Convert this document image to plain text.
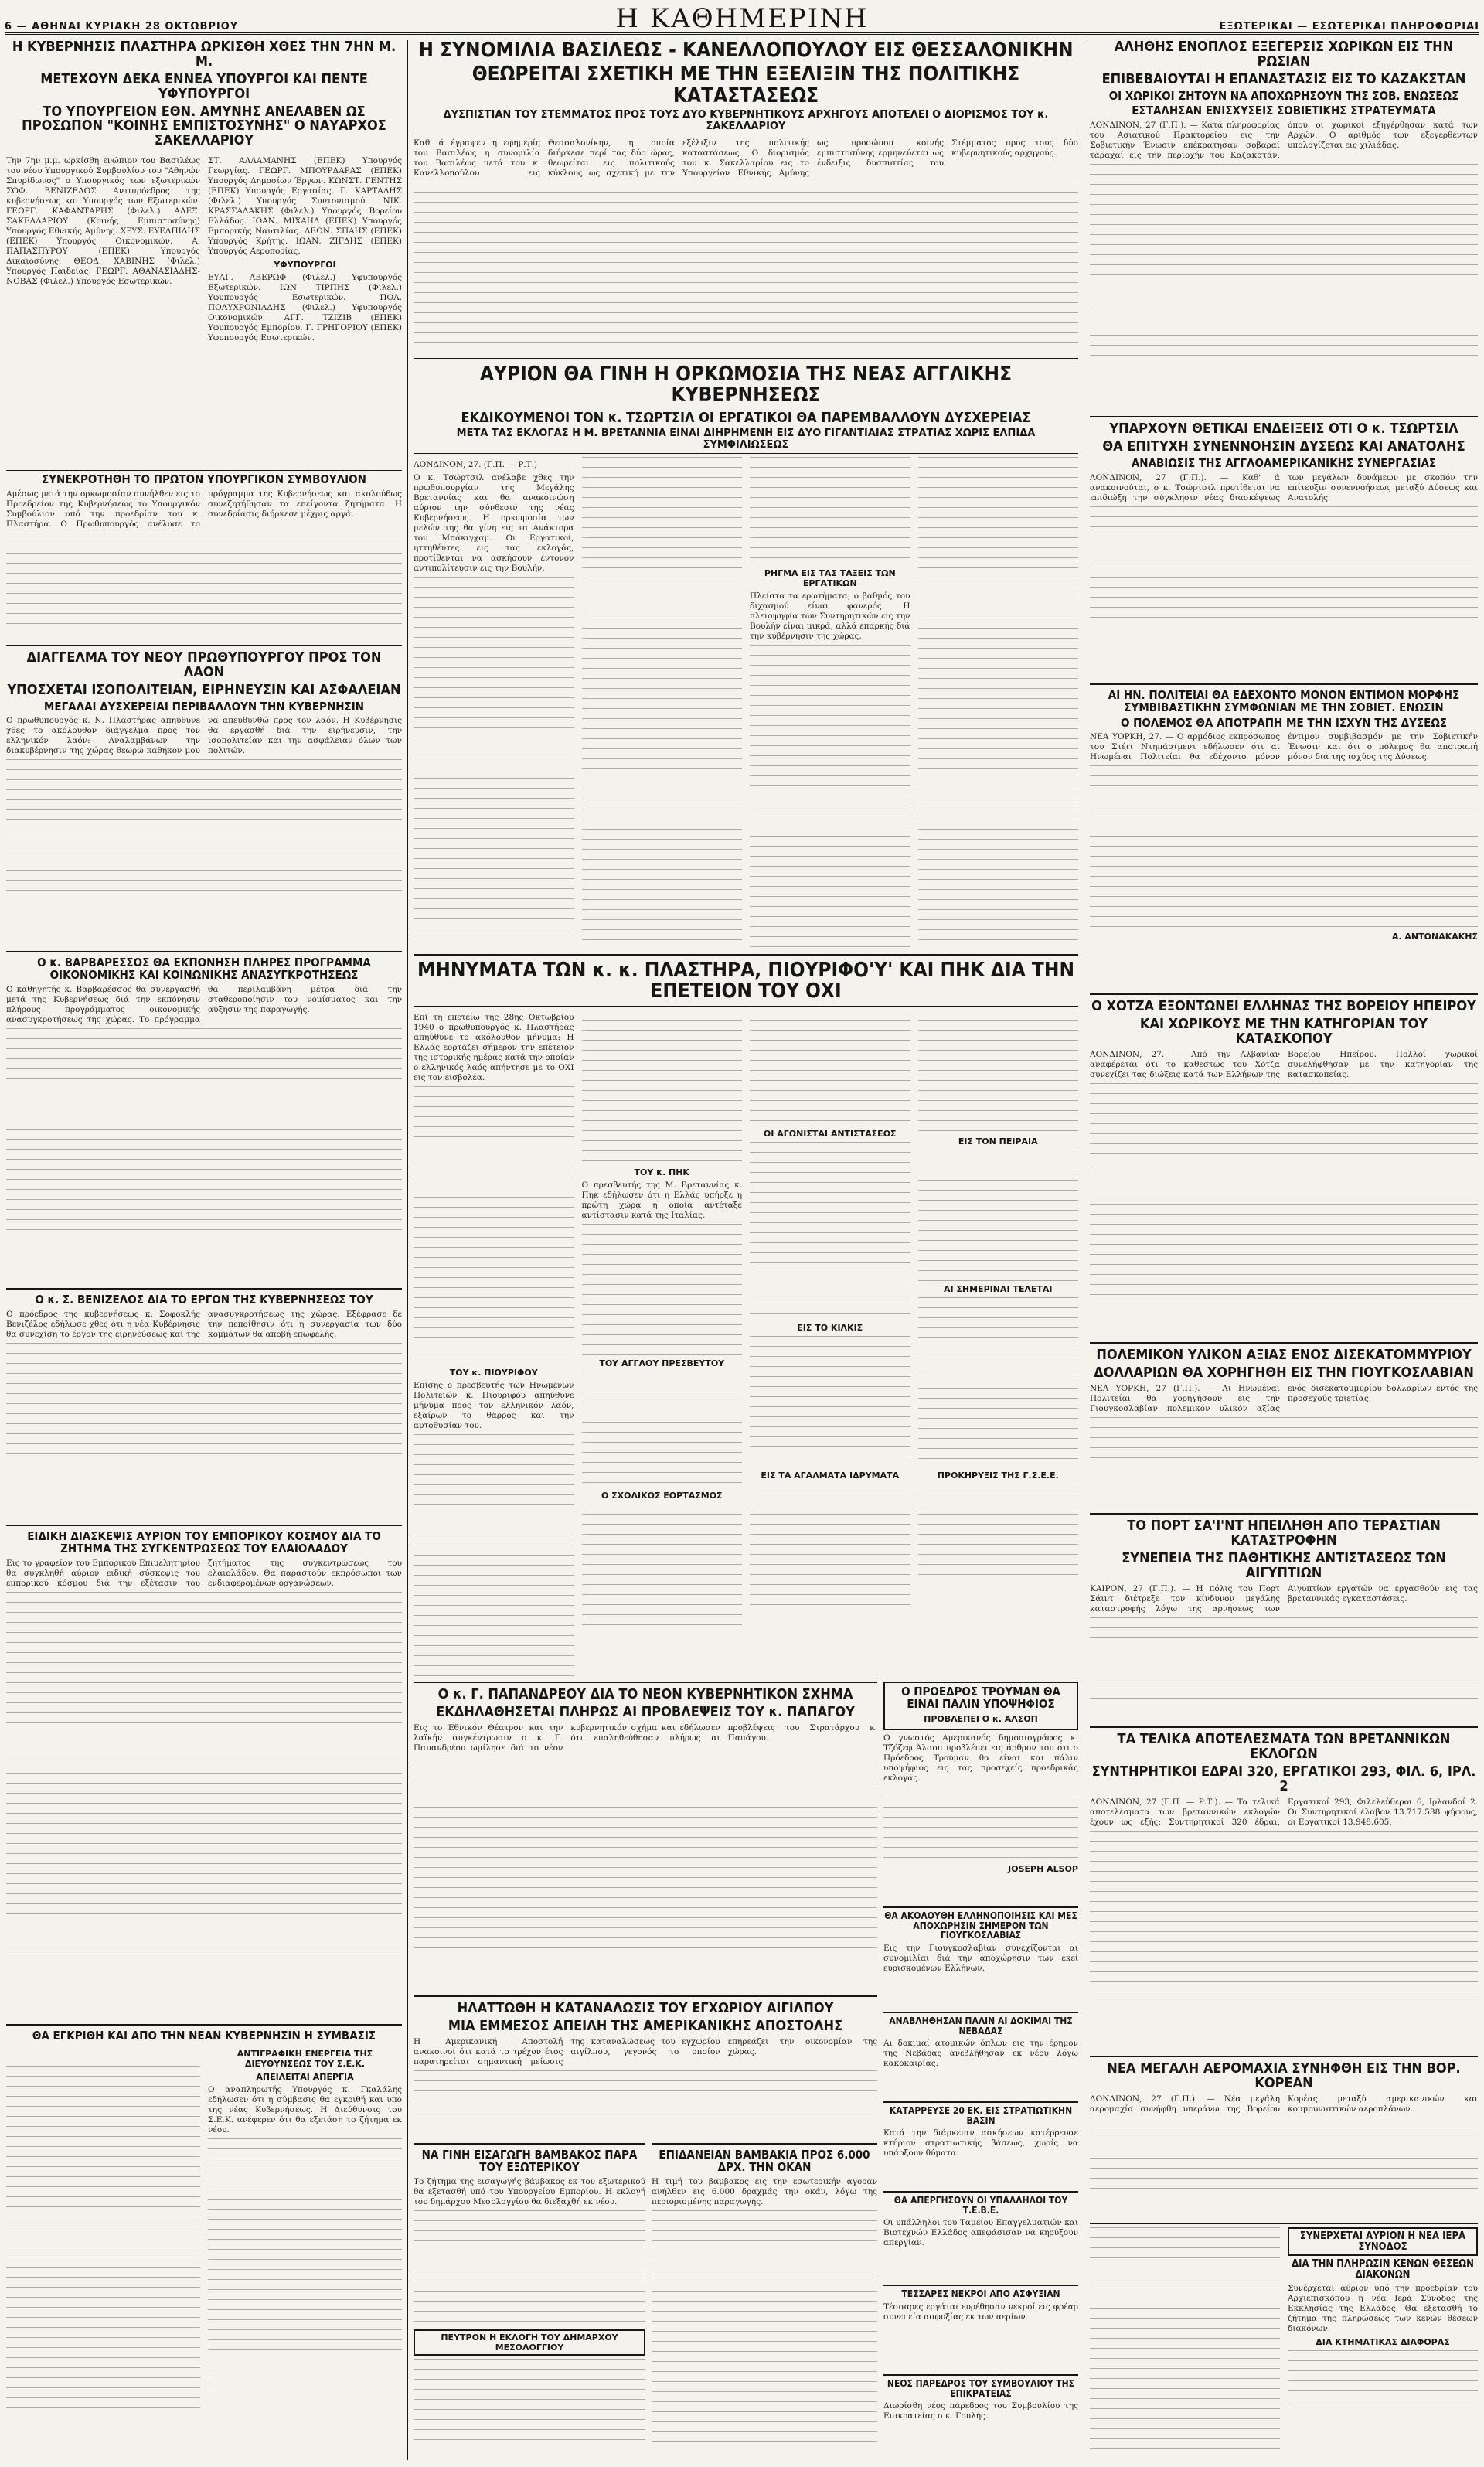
6 — ΑΘΗΝΑΙ ΚΥΡΙΑΚΗ 28 ΟΚΤΩΒΡΙΟΥ	Η ΚΑΘΗΜΕΡΙΝΗ	ΕΞΩΤΕΡΙΚΑΙ — ΕΣΩΤΕΡΙΚΑΙ ΠΛΗΡΟΦΟΡΙΑΙ
Η ΚΥΒΕΡΝΗΣΙΣ ΠΛΑΣΤΗΡΑ ΩΡΚΙΣΘΗ ΧΘΕΣ ΤΗΝ 7ΗΝ Μ. Μ.
ΜΕΤΕΧΟΥΝ ΔΕΚΑ ΕΝΝΕΑ ΥΠΟΥΡΓΟΙ ΚΑΙ ΠΕΝΤΕ ΥΦΥΠΟΥΡΓΟΙ
ΤΟ ΥΠΟΥΡΓΕΙΟΝ ΕΘΝ. ΑΜΥΝΗΣ ΑΝΕΛΑΒΕΝ ΩΣ ΠΡΟΣΩΠΟΝ "ΚΟΙΝΗΣ ΕΜΠΙΣΤΟΣΥΝΗΣ" Ο ΝΑΥΑΡΧΟΣ ΣΑΚΕΛΛΑΡΙΟΥ
Την 7ην μ.μ. ωρκίσθη ενώπιον του Βασιλέως του νέου Υπουργικού Συμβουλίου του "Αθηνών Σπυρίδωνος" ο Υπουργικός των εξωτερικών ΣΟΦ. ΒΕΝΙΖΕΛΟΣ Αντιπρόεδρος της κυβερνήσεως και Υπουργός των Εξωτερικών. ΓΕΩΡΓ. ΚΑΦΑΝΤΑΡΗΣ (Φιλελ.) ΑΛΕΞ. ΣΑΚΕΛΛΑΡΙΟΥ (Κοινής Εμπιστοσύνης) Υπουργός Εθνικής Αμύνης. ΧΡΥΣ. ΕΥΕΛΠΙΔΗΣ (ΕΠΕΚ) Υπουργός Οικονομικών. Α. ΠΑΠΑΣΠΥΡΟΥ (ΕΠΕΚ) Υπουργός Δικαιοσύνης. ΘΕΟΔ. ΧΑΒΙΝΗΣ (Φιλελ.) Υπουργός Παιδείας. ΓΕΩΡΓ. ΑΘΑΝΑΣΙΑΔΗΣ-ΝΟΒΑΣ (Φιλελ.) Υπουργός Εσωτερικών.
ΣΤ. ΑΛΛΑΜΑΝΗΣ (ΕΠΕΚ) Υπουργός Γεωργίας. ΓΕΩΡΓ. ΜΠΟΥΡΔΑΡΑΣ (ΕΠΕΚ) Υπουργός Δημοσίων Έργων. ΚΩΝΣΤ. ΓΕΝΤΗΣ (ΕΠΕΚ) Υπουργός Εργασίας. Γ. ΚΑΡΤΑΛΗΣ (Φιλελ.) Υπουργός Συντονισμού. ΝΙΚ. ΚΡΑΣΣΑΔΑΚΗΣ (Φιλελ.) Υπουργός Βορείου Ελλάδος. ΙΩΑΝ. ΜΙΧΑΗΛ (ΕΠΕΚ) Υπουργός Εμπορικής Ναυτιλίας. ΛΕΩΝ. ΣΠΑΗΣ (ΕΠΕΚ) Υπουργός Κρήτης. ΙΩΑΝ. ΖΙΓΔΗΣ (ΕΠΕΚ) Υπουργός Αεροπορίας.
ΥΦΥΠΟΥΡΓΟΙ
ΕΥΑΓ. ΑΒΕΡΩΦ (Φιλελ.) Υφυπουργός Εξωτερικών. ΙΩΝ ΤΙΡΠΗΣ (Φιλελ.) Υφυπουργός Εσωτερικών. ΠΟΛ. ΠΟΛΥΧΡΟΝΙΑΔΗΣ (Φιλελ.) Υφυπουργός Οικονομικών. ΑΓΓ. ΤΖΙΖΙΒ (ΕΠΕΚ) Υφυπουργός Εμπορίου. Γ. ΓΡΗΓΟΡΙΟΥ (ΕΠΕΚ) Υφυπουργός Εσωτερικών.
ΣΥΝΕΚΡΟΤΗΘΗ ΤΟ ΠΡΩΤΟΝ ΥΠΟΥΡΓΙΚΟΝ ΣΥΜΒΟΥΛΙΟΝ
Αμέσως μετά την ορκωμοσίαν συνήλθεν εις το Προεδρείον της Κυβερνήσεως το Υπουργικόν Συμβούλιον υπό την προεδρίαν του κ. Πλαστήρα. Ο Πρωθυπουργός ανέλυσε το πρόγραμμα της Κυβερνήσεως και ακολούθως συνεζητήθησαν τα επείγοντα ζητήματα. Η συνεδρίασις διήρκεσε μέχρις αργά.
ΔΙΑΓΓΕΛΜΑ ΤΟΥ ΝΕΟΥ ΠΡΩΘΥΠΟΥΡΓΟΥ ΠΡΟΣ ΤΟΝ ΛΑΟΝ
ΥΠΟΣΧΕΤΑΙ ΙΣΟΠΟΛΙΤΕΙΑΝ, ΕΙΡΗΝΕΥΣΙΝ ΚΑΙ ΑΣΦΑΛΕΙΑΝ
ΜΕΓΑΛΑΙ ΔΥΣΧΕΡΕΙΑΙ ΠΕΡΙΒΑΛΛΟΥΝ ΤΗΝ ΚΥΒΕΡΝΗΣΙΝ
Ο πρωθυπουργός κ. Ν. Πλαστήρας απηύθυνε χθες το ακόλουθον διάγγελμα προς τον ελληνικόν λαόν: Αναλαμβάνων την διακυβέρνησιν της χώρας θεωρώ καθήκον μου να απευθυνθώ προς τον λαόν. Η Κυβέρνησις θα εργασθή διά την ειρήνευσιν, την ισοπολιτείαν και την ασφάλειαν όλων των πολιτών.
Ο κ. ΒΑΡΒΑΡΕΣΣΟΣ ΘΑ ΕΚΠΟΝΗΣΗ ΠΛΗΡΕΣ ΠΡΟΓΡΑΜΜΑ ΟΙΚΟΝΟΜΙΚΗΣ ΚΑΙ ΚΟΙΝΩΝΙΚΗΣ ΑΝΑΣΥΓΚΡΟΤΗΣΕΩΣ
Ο καθηγητής κ. Βαρβαρέσσος θα συνεργασθή μετά της Κυβερνήσεως διά την εκπόνησιν πλήρους προγράμματος οικονομικής ανασυγκροτήσεως της χώρας. Το πρόγραμμα θα περιλαμβάνη μέτρα διά την σταθεροποίησιν του νομίσματος και την αύξησιν της παραγωγής.
Ο κ. Σ. ΒΕΝΙΖΕΛΟΣ ΔΙΑ ΤΟ ΕΡΓΟΝ ΤΗΣ ΚΥΒΕΡΝΗΣΕΩΣ ΤΟΥ
Ο πρόεδρος της κυβερνήσεως κ. Σοφοκλής Βενιζέλος εδήλωσε χθες ότι η νέα Κυβέρνησις θα συνεχίση το έργον της ειρηνεύσεως και της ανασυγκροτήσεως της χώρας. Εξέφρασε δε την πεποίθησιν ότι η συνεργασία των δύο κομμάτων θα αποβή επωφελής.
ΕΙΔΙΚΗ ΔΙΑΣΚΕΨΙΣ ΑΥΡΙΟΝ ΤΟΥ ΕΜΠΟΡΙΚΟΥ ΚΟΣΜΟΥ ΔΙΑ ΤΟ ΖΗΤΗΜΑ ΤΗΣ ΣΥΓΚΕΝΤΡΩΣΕΩΣ ΤΟΥ ΕΛΑΙΟΛΑΔΟΥ
Εις το γραφείον του Εμπορικού Επιμελητηρίου θα συγκληθή αύριον ειδική σύσκεψις του εμπορικού κόσμου διά την εξέτασιν του ζητήματος της συγκεντρώσεως του ελαιολάδου. Θα παραστούν εκπρόσωποι των ενδιαφερομένων οργανώσεων.
ΘΑ ΕΓΚΡΙΘΗ ΚΑΙ ΑΠΟ ΤΗΝ ΝΕΑΝ ΚΥΒΕΡΝΗΣΙΝ Η ΣΥΜΒΑΣΙΣ
ΑΝΤΙΓΡΑΦΙΚΗ ΕΝΕΡΓΕΙΑ ΤΗΣ ΔΙΕΥΘΥΝΣΕΩΣ ΤΟΥ Σ.Ε.Κ.
ΑΠΕΙΛΕΙΤΑΙ ΑΠΕΡΓΙΑ
Ο αναπληρωτής Υπουργός κ. Γκαλάλης εδήλωσεν ότι η σύμβασις θα εγκριθή και υπό της νέας Κυβερνήσεως. Η Διεύθυνσις του Σ.Ε.Κ. ανέφερεν ότι θα εξετάση το ζήτημα εκ νέου.
Η ΣΥΝΟΜΙΛΙΑ ΒΑΣΙΛΕΩΣ - ΚΑΝΕΛΛΟΠΟΥΛΟΥ ΕΙΣ ΘΕΣΣΑΛΟΝΙΚΗΝ
ΘΕΩΡΕΙΤΑΙ ΣΧΕΤΙΚΗ ΜΕ ΤΗΝ ΕΞΕΛΙΞΙΝ ΤΗΣ ΠΟΛΙΤΙΚΗΣ ΚΑΤΑΣΤΑΣΕΩΣ
ΔΥΣΠΙΣΤΙΑΝ ΤΟΥ ΣΤΕΜΜΑΤΟΣ ΠΡΟΣ ΤΟΥΣ ΔΥΟ ΚΥΒΕΡΝΗΤΙΚΟΥΣ ΑΡΧΗΓΟΥΣ ΑΠΟΤΕΛΕΙ Ο ΔΙΟΡΙΣΜΟΣ ΤΟΥ κ. ΣΑΚΕΛΛΑΡΙΟΥ
Καθ' ά έγραψεν η εφημερίς του Βασιλέως η συνομιλία του Βασιλέως μετά του κ. Κανελλοπούλου εις Θεσσαλονίκην, η οποία διήρκεσε περί τας δύο ώρας, θεωρείται εις πολιτικούς κύκλους ως σχετική με την εξέλιξιν της πολιτικής καταστάσεως. Ο διορισμός του κ. Σακελλαρίου εις το Υπουργείον Εθνικής Αμύνης ως προσώπου κοινής εμπιστοσύνης ερμηνεύεται ως ένδειξις δυσπιστίας του Στέμματος προς τους δύο κυβερνητικούς αρχηγούς.
ΑΥΡΙΟΝ ΘΑ ΓΙΝΗ Η ΟΡΚΩΜΟΣΙΑ ΤΗΣ ΝΕΑΣ ΑΓΓΛΙΚΗΣ ΚΥΒΕΡΝΗΣΕΩΣ
ΕΚΔΙΚΟΥΜΕΝΟΙ ΤΟΝ κ. ΤΣΩΡΤΣΙΛ ΟΙ ΕΡΓΑΤΙΚΟΙ ΘΑ ΠΑΡΕΜΒΑΛΛΟΥΝ ΔΥΣΧΕΡΕΙΑΣ
ΜΕΤΑ ΤΑΣ ΕΚΛΟΓΑΣ Η Μ. ΒΡΕΤΑΝΝΙΑ ΕΙΝΑΙ ΔΙΗΡΗΜΕΝΗ ΕΙΣ ΔΥΟ ΓΙΓΑΝΤΙΑΙΑΣ ΣΤΡΑΤΙΑΣ ΧΩΡΙΣ ΕΛΠΙΔΑ ΣΥΜΦΙΛΙΩΣΕΩΣ
ΛΟΝΔΙΝΟΝ, 27. (Γ.Π. — Ρ.Τ.)
Ο κ. Τσώρτσιλ ανέλαβε χθες την πρωθυπουργίαν της Μεγάλης Βρεταννίας και θα ανακοινώση αύριον την σύνθεσιν της νέας Κυβερνήσεως. Η ορκωμοσία των μελών της θα γίνη εις τα Ανάκτορα του Μπάκιγχαμ. Οι Εργατικοί, ηττηθέντες εις τας εκλογάς, προτίθενται να ασκήσουν έντονον αντιπολίτευσιν εις την Βουλήν.	ΡΗΓΜΑ ΕΙΣ ΤΑΣ ΤΑΞΕΙΣ ΤΩΝ ΕΡΓΑΤΙΚΩΝ
Πλείστα τα ερωτήματα, ο βαθμός του διχασμού είναι φανερός. Η πλειοψηφία των Συντηρητικών εις την Βουλήν είναι μικρά, αλλά επαρκής διά την κυβέρνησιν της χώρας.
ΜΗΝΥΜΑΤΑ ΤΩΝ κ. κ. ΠΛΑΣΤΗΡΑ, ΠΙΟΥΡΙΦΟ'Υ' ΚΑΙ ΠΗΚ ΔΙΑ ΤΗΝ ΕΠΕΤΕΙΟΝ ΤΟΥ ΟΧΙ
Επί τη επετείω της 28ης Οκτωβρίου 1940 ο πρωθυπουργός κ. Πλαστήρας απηύθυνε το ακόλουθον μήνυμα: Η Ελλάς εορτάζει σήμερον την επέτειον της ιστορικής ημέρας κατά την οποίαν ο ελληνικός λαός απήντησε με το ΟΧΙ εις τον εισβολέα.
ΤΟΥ κ. ΠΙΟΥΡΙΦΟΥ
Επίσης ο πρεσβευτής των Ηνωμένων Πολιτειών κ. Πιουριφόυ απηύθυνε μήνυμα προς τον ελληνικόν λαόν, εξαίρων το θάρρος και την αυτοθυσίαν του.
ΤΟΥ κ. ΠΗΚ
Ο πρεσβευτής της Μ. Βρεταννίας κ. Πηκ εδήλωσεν ότι η Ελλάς υπήρξε η πρώτη χώρα η οποία αντέταξε αντίστασιν κατά της Ιταλίας.
ΤΟΥ ΑΓΓΛΟΥ ΠΡΕΣΒΕΥΤΟΥ
Ο ΣΧΟΛΙΚΟΣ ΕΟΡΤΑΣΜΟΣ
ΟΙ ΑΓΩΝΙΣΤΑΙ ΑΝΤΙΣΤΑΣΕΩΣ
ΕΙΣ ΤΟ ΚΙΛΚΙΣ
ΕΙΣ ΤΑ ΑΓΑΛΜΑΤΑ ΙΔΡΥΜΑΤΑ
ΕΙΣ ΤΟΝ ΠΕΙΡΑΙΑ
ΑΙ ΣΗΜΕΡΙΝΑΙ ΤΕΛΕΤΑΙ
ΠΡΟΚΗΡΥΞΙΣ ΤΗΣ Γ.Σ.Ε.Ε.
Ο κ. Γ. ΠΑΠΑΝΔΡΕΟΥ ΔΙΑ ΤΟ ΝΕΟΝ ΚΥΒΕΡΝΗΤΙΚΟΝ ΣΧΗΜΑ
ΕΚΔΗΛΑΘΗΣΕΤΑΙ ΠΛΗΡΩΣ ΑΙ ΠΡΟΒΛΕΨΕΙΣ ΤΟΥ κ. ΠΑΠΑΓΟΥ
Εις το Εθνικόν Θέατρον και την λαϊκήν συγκέντρωσιν ο κ. Γ. Παπανδρέου ωμίλησε διά το νέον κυβερνητικόν σχήμα και εδήλωσεν ότι επαληθεύθησαν πλήρως αι προβλέψεις του Στρατάρχου κ. Παπάγου.
ΗΛΑΤΤΩΘΗ Η ΚΑΤΑΝΑΛΩΣΙΣ ΤΟΥ ΕΓΧΩΡΙΟΥ ΑΙΓΙΛΠΟΥ
ΜΙΑ ΕΜΜΕΣΟΣ ΑΠΕΙΛΗ ΤΗΣ ΑΜΕΡΙΚΑΝΙΚΗΣ ΑΠΟΣΤΟΛΗΣ
Η Αμερικανική Αποστολή ανακοινοί ότι κατά το τρέχον έτος παρατηρείται σημαντική μείωσις της καταναλώσεως του εγχωρίου αιγίλπου, γεγονός το οποίον επηρεάζει την οικονομίαν της χώρας.
ΝΑ ΓΙΝΗ ΕΙΣΑΓΩΓΗ ΒΑΜΒΑΚΟΣ ΠΑΡΑ ΤΟΥ ΕΞΩΤΕΡΙΚΟΥ
Το ζήτημα της εισαγωγής βάμβακος εκ του εξωτερικού θα εξετασθή υπό του Υπουργείου Εμπορίου. Η εκλογή του δημάρχου Μεσολογγίου θα διεξαχθή εκ νέου.
ΠΕΥΤΡΟΝ Η ΕΚΛΟΓΗ ΤΟΥ ΔΗΜΑΡΧΟΥ ΜΕΣΟΛΟΓΓΙΟΥ
ΕΠΙΔΑΝΕΙΑΝ ΒΑΜΒΑΚΙΑ ΠΡΟΣ 6.000 ΔΡΧ. ΤΗΝ ΟΚΑΝ
Η τιμή του βάμβακος εις την εσωτερικήν αγοράν ανήλθεν εις 6.000 δραχμάς την οκάν, λόγω της περιορισμένης παραγωγής.
Ο ΠΡΟΕΔΡΟΣ ΤΡΟΥΜΑΝ ΘΑ ΕΙΝΑΙ ΠΑΛΙΝ ΥΠΟΨΗΦΙΟΣ
ΠΡΟΒΛΕΠΕΙ Ο κ. ΑΛΣΟΠ
Ο γνωστός Αμερικανός δημοσιογράφος κ. Τζόζεφ Άλσοπ προβλέπει εις άρθρον του ότι ο Πρόεδρος Τρούμαν θα είναι και πάλιν υποψήφιος εις τας προσεχείς προεδρικάς εκλογάς.
JOSEPH ALSOP
ΘΑ ΑΚΟΛΟΥΘΗ ΕΛΛΗΝΟΠΟΙΗΣΙΣ ΚΑΙ ΜΕΣ ΑΠΟΧΩΡΗΣΙΝ ΣΗΜΕΡΟΝ ΤΩΝ ΓΙΟΥΓΚΟΣΛΑΒΙΑΣ
Εις την Γιουγκοσλαβίαν συνεχίζονται αι συνομιλίαι διά την αποχώρησιν των εκεί ευρισκομένων Ελλήνων.
ΑΝΑΒΛΗΘΗΣΑΝ ΠΑΛΙΝ ΑΙ ΔΟΚΙΜΑΙ ΤΗΣ ΝΕΒΑΔΑΣ
Αι δοκιμαί ατομικών όπλων εις την έρημον της Νεβάδας ανεβλήθησαν εκ νέου λόγω κακοκαιρίας.
ΚΑΤΑΡΡΕΥΣΕ 20 ΕΚ. ΕΙΣ ΣΤΡΑΤΙΩΤΙΚΗΝ ΒΑΣΙΝ
Κατά την διάρκειαν ασκήσεων κατέρρευσε κτήριον στρατιωτικής βάσεως, χωρίς να υπάρξουν θύματα.
ΘΑ ΑΠΕΡΓΗΣΟΥΝ ΟΙ ΥΠΑΛΛΗΛΟΙ ΤΟΥ Τ.Ε.Β.Ε.
Οι υπάλληλοι του Ταμείου Επαγγελματιών και Βιοτεχνών Ελλάδος απεφάσισαν να κηρύξουν απεργίαν.
ΤΕΣΣΑΡΕΣ ΝΕΚΡΟΙ ΑΠΟ ΑΣΦΥΞΙΑΝ
Τέσσαρες εργάται ευρέθησαν νεκροί εις φρέαρ συνεπεία ασφυξίας εκ των αερίων.
ΝΕΟΣ ΠΑΡΕΔΡΟΣ ΤΟΥ ΣΥΜΒΟΥΛΙΟΥ ΤΗΣ ΕΠΙΚΡΑΤΕΙΑΣ
Διωρίσθη νέος πάρεδρος του Συμβουλίου της Επικρατείας ο κ. Γουλής.
ΑΛΗΘΗΣ ΕΝΟΠΛΟΣ ΕΞΕΓΕΡΣΙΣ ΧΩΡΙΚΩΝ ΕΙΣ ΤΗΝ ΡΩΣΙΑΝ
ΕΠΙΒΕΒΑΙΟΥΤΑΙ Η ΕΠΑΝΑΣΤΑΣΙΣ ΕΙΣ ΤΟ ΚΑΖΑΚΣΤΑΝ
ΟΙ ΧΩΡΙΚΟΙ ΖΗΤΟΥΝ ΝΑ ΑΠΟΧΩΡΗΣΟΥΝ ΤΗΣ ΣΟΒ. ΕΝΩΣΕΩΣ
ΕΣΤΑΛΗΣΑΝ ΕΝΙΣΧΥΣΕΙΣ ΣΟΒΙΕΤΙΚΗΣ ΣΤΡΑΤΕΥΜΑΤΑ
ΛΟΝΔΙΝΟΝ, 27 (Γ.Π.). — Κατά πληροφορίας του Ασιατικού Πρακτορείου εις την Σοβιετικήν Ένωσιν επέκρατησαν σοβαραί ταραχαί εις την περιοχήν του Καζακστάν, όπου οι χωρικοί εξηγέρθησαν κατά των Αρχών. Ο αριθμός των εξεγερθέντων υπολογίζεται εις χιλιάδας.
ΥΠΑΡΧΟΥΝ ΘΕΤΙΚΑΙ ΕΝΔΕΙΞΕΙΣ ΟΤΙ Ο κ. ΤΣΩΡΤΣΙΛ
ΘΑ ΕΠΙΤΥΧΗ ΣΥΝΕΝΝΟΗΣΙΝ ΔΥΣΕΩΣ ΚΑΙ ΑΝΑΤΟΛΗΣ
ΑΝΑΒΙΩΣΙΣ ΤΗΣ ΑΓΓΛΟΑΜΕΡΙΚΑΝΙΚΗΣ ΣΥΝΕΡΓΑΣΙΑΣ
ΛΟΝΔΙΝΟΝ, 27 (Γ.Π.). — Καθ' ά ανακοινούται, ο κ. Τσώρτσιλ προτίθεται να επιδιώξη την σύγκλησιν νέας διασκέψεως των μεγάλων δυνάμεων με σκοπόν την επίτευξιν συνεννοήσεως μεταξύ Δύσεως και Ανατολής.
ΑΙ ΗΝ. ΠΟΛΙΤΕΙΑΙ ΘΑ ΕΔΕΧΟΝΤΟ ΜΟΝΟΝ ΕΝΤΙΜΟΝ ΜΟΡΦΗΣ ΣΥΜΒΙΒΑΣΤΙΚΗΝ ΣΥΜΦΩΝΙΑΝ ΜΕ ΤΗΝ ΣΟΒΙΕΤ. ΕΝΩΣΙΝ
Ο ΠΟΛΕΜΟΣ ΘΑ ΑΠΟΤΡΑΠΗ ΜΕ ΤΗΝ ΙΣΧΥΝ ΤΗΣ ΔΥΣΕΩΣ
ΝΕΑ ΥΟΡΚΗ, 27. — Ο αρμόδιος εκπρόσωπος του Στέιτ Ντηπάρτμεντ εδήλωσεν ότι αι Ηνωμέναι Πολιτείαι θα εδέχοντο μόνον έντιμον συμβιβασμόν με την Σοβιετικήν Ένωσιν και ότι ο πόλεμος θα αποτραπή μόνον διά της ισχύος της Δύσεως.
Α. ΑΝΤΩΝΑΚΑΚΗΣ
Ο ΧΟΤΖΑ ΕΞΟΝΤΩΝΕΙ ΕΛΛΗΝΑΣ ΤΗΣ ΒΟΡΕΙΟΥ ΗΠΕΙΡΟΥ
ΚΑΙ ΧΩΡΙΚΟΥΣ ΜΕ ΤΗΝ ΚΑΤΗΓΟΡΙΑΝ ΤΟΥ ΚΑΤΑΣΚΟΠΟΥ
ΛΟΝΔΙΝΟΝ, 27. — Από την Αλβανίαν αναφέρεται ότι το καθεστώς του Χότζα συνεχίζει τας διώξεις κατά των Ελλήνων της Βορείου Ηπείρου. Πολλοί χωρικοί συνελήφθησαν με την κατηγορίαν της κατασκοπείας.
ΠΟΛΕΜΙΚΟΝ ΥΛΙΚΟΝ ΑΞΙΑΣ ΕΝΟΣ ΔΙΣΕΚΑΤΟΜΜΥΡΙΟΥ
ΔΟΛΛΑΡΙΩΝ ΘΑ ΧΟΡΗΓΗΘΗ ΕΙΣ ΤΗΝ ΓΙΟΥΓΚΟΣΛΑΒΙΑΝ
ΝΕΑ ΥΟΡΚΗ, 27 (Γ.Π.). — Αι Ηνωμέναι Πολιτείαι θα χορηγήσουν εις την Γιουγκοσλαβίαν πολεμικόν υλικόν αξίας ενός δισεκατομμυρίου δολλαρίων εντός της προσεχούς τριετίας.
ΤΟ ΠΟΡΤ ΣΑ'Ι'ΝΤ ΗΠΕΙΛΗΘΗ ΑΠΟ ΤΕΡΑΣΤΙΑΝ ΚΑΤΑΣΤΡΟΦΗΝ
ΣΥΝΕΠΕΙΑ ΤΗΣ ΠΑΘΗΤΙΚΗΣ ΑΝΤΙΣΤΑΣΕΩΣ ΤΩΝ ΑΙΓΥΠΤΙΩΝ
ΚΑΙΡΟΝ, 27 (Γ.Π.). — Η πόλις του Πορτ Σάιντ διέτρεξε τον κίνδυνον μεγάλης καταστροφής λόγω της αρνήσεως των Αιγυπτίων εργατών να εργασθούν εις τας βρεταννικάς εγκαταστάσεις.
ΤΑ ΤΕΛΙΚΑ ΑΠΟΤΕΛΕΣΜΑΤΑ ΤΩΝ ΒΡΕΤΑΝΝΙΚΩΝ ΕΚΛΟΓΩΝ
ΣΥΝΤΗΡΗΤΙΚΟΙ ΕΔΡΑΙ 320, ΕΡΓΑΤΙΚΟΙ 293, ΦΙΛ. 6, ΙΡΛ. 2
ΛΟΝΔΙΝΟΝ, 27 (Γ.Π. — Ρ.Τ.). — Τα τελικά αποτελέσματα των βρεταννικών εκλογών έχουν ως εξής: Συντηρητικοί 320 έδραι, Εργατικοί 293, Φιλελεύθεροι 6, Ιρλανδοί 2. Οι Συντηρητικοί έλαβον 13.717.538 ψήφους, οι Εργατικοί 13.948.605.
ΝΕΑ ΜΕΓΑΛΗ ΑΕΡΟΜΑΧΙΑ ΣΥΝΗΦΘΗ ΕΙΣ ΤΗΝ ΒΟΡ. ΚΟΡΕΑΝ
ΛΟΝΔΙΝΟΝ, 27 (Γ.Π.). — Νέα μεγάλη αερομαχία συνήφθη υπεράνω της Βορείου Κορέας μεταξύ αμερικανικών και κομμουνιστικών αεροπλάνων.
ΣΥΝΕΡΧΕΤΑΙ ΑΥΡΙΟΝ Η ΝΕΑ ΙΕΡΑ ΣΥΝΟΔΟΣ
ΔΙΑ ΤΗΝ ΠΛΗΡΩΣΙΝ ΚΕΝΩΝ ΘΕΣΕΩΝ ΔΙΑΚΟΝΩΝ
Συνέρχεται αύριον υπό την προεδρίαν του Αρχιεπισκόπου η νέα Ιερά Σύνοδος της Εκκλησίας της Ελλάδος. Θα εξετασθή το ζήτημα της πληρώσεως των κενών θέσεων διακόνων.
ΔΙΑ ΚΤΗΜΑΤΙΚΑΣ ΔΙΑΦΟΡΑΣ
